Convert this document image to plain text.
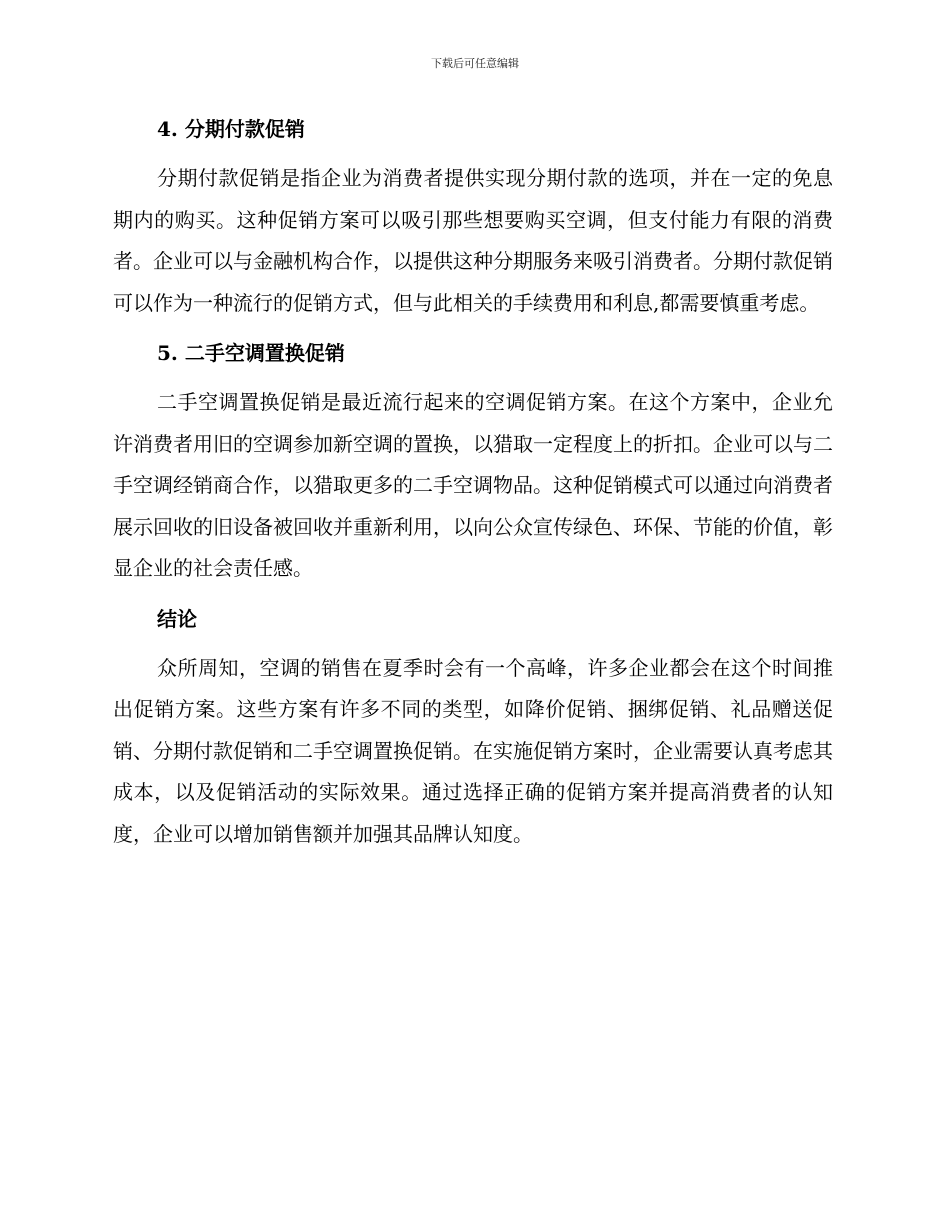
下载后可任意编辑
4. 分期付款促销

分期付款促销是指企业为消费者提供实现分期付款的选项，并在一定的免息期内的购买。这种促销方案可以吸引那些想要购买空调，但支付能力有限的消费者。企业可以与金融机构合作，以提供这种分期服务来吸引消费者。分期付款促销可以作为一种流行的促销方式，但与此相关的手续费用和利息,都需要慎重考虑。

5. 二手空调置换促销

二手空调置换促销是最近流行起来的空调促销方案。在这个方案中，企业允许消费者用旧的空调参加新空调的置换，以猎取一定程度上的折扣。企业可以与二手空调经销商合作，以猎取更多的二手空调物品。这种促销模式可以通过向消费者展示回收的旧设备被回收并重新利用，以向公众宣传绿色、环保、节能的价值，彰显企业的社会责任感。

结论

众所周知，空调的销售在夏季时会有一个高峰，许多企业都会在这个时间推出促销方案。这些方案有许多不同的类型，如降价促销、捆绑促销、礼品赠送促销、分期付款促销和二手空调置换促销。在实施促销方案时，企业需要认真考虑其成本，以及促销活动的实际效果。通过选择正确的促销方案并提高消费者的认知度，企业可以增加销售额并加强其品牌认知度。
